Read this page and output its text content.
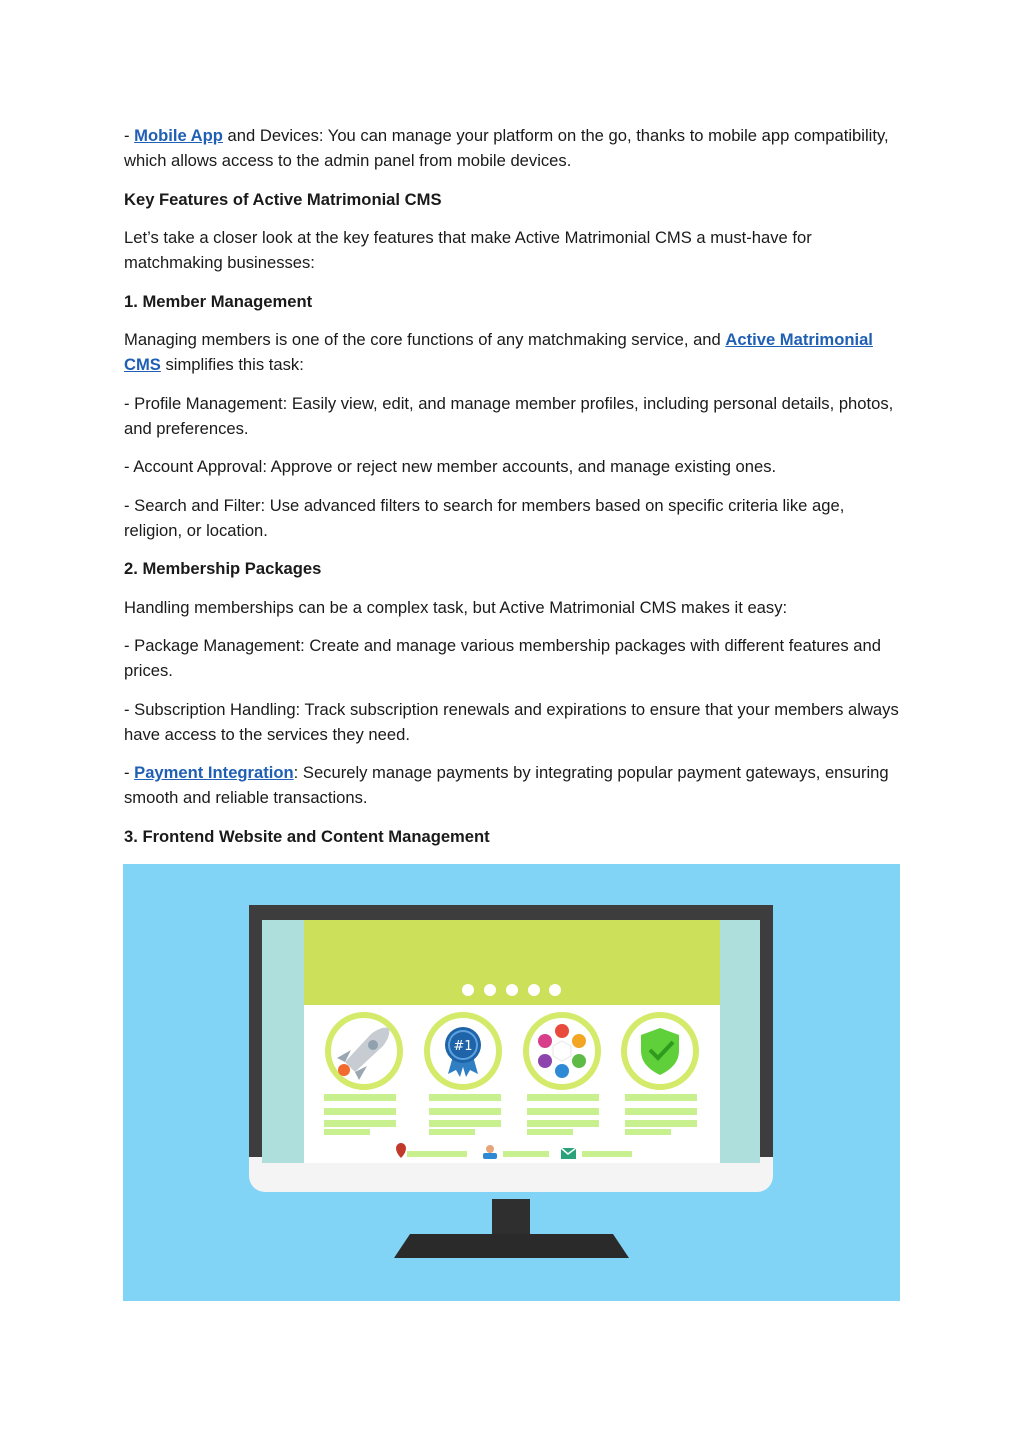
- Mobile App and Devices: You can manage your platform on the go, thanks to mobile app compatibility, which allows access to the admin panel from mobile devices.

Key Features of Active Matrimonial CMS

Let’s take a closer look at the key features that make Active Matrimonial CMS a must-have for matchmaking businesses:

1. Member Management

Managing members is one of the core functions of any matchmaking service, and Active Matrimonial CMS simplifies this task:

- Profile Management: Easily view, edit, and manage member profiles, including personal details, photos, and preferences.

- Account Approval: Approve or reject new member accounts, and manage existing ones.

- Search and Filter: Use advanced filters to search for members based on specific criteria like age, religion, or location.

2. Membership Packages

Handling memberships can be a complex task, but Active Matrimonial CMS makes it easy:

- Package Management: Create and manage various membership packages with different features and prices.

- Subscription Handling: Track subscription renewals and expirations to ensure that your members always have access to the services they need.

- Payment Integration: Securely manage payments by integrating popular payment gateways, ensuring smooth and reliable transactions.

3. Frontend Website and Content Management

#1
